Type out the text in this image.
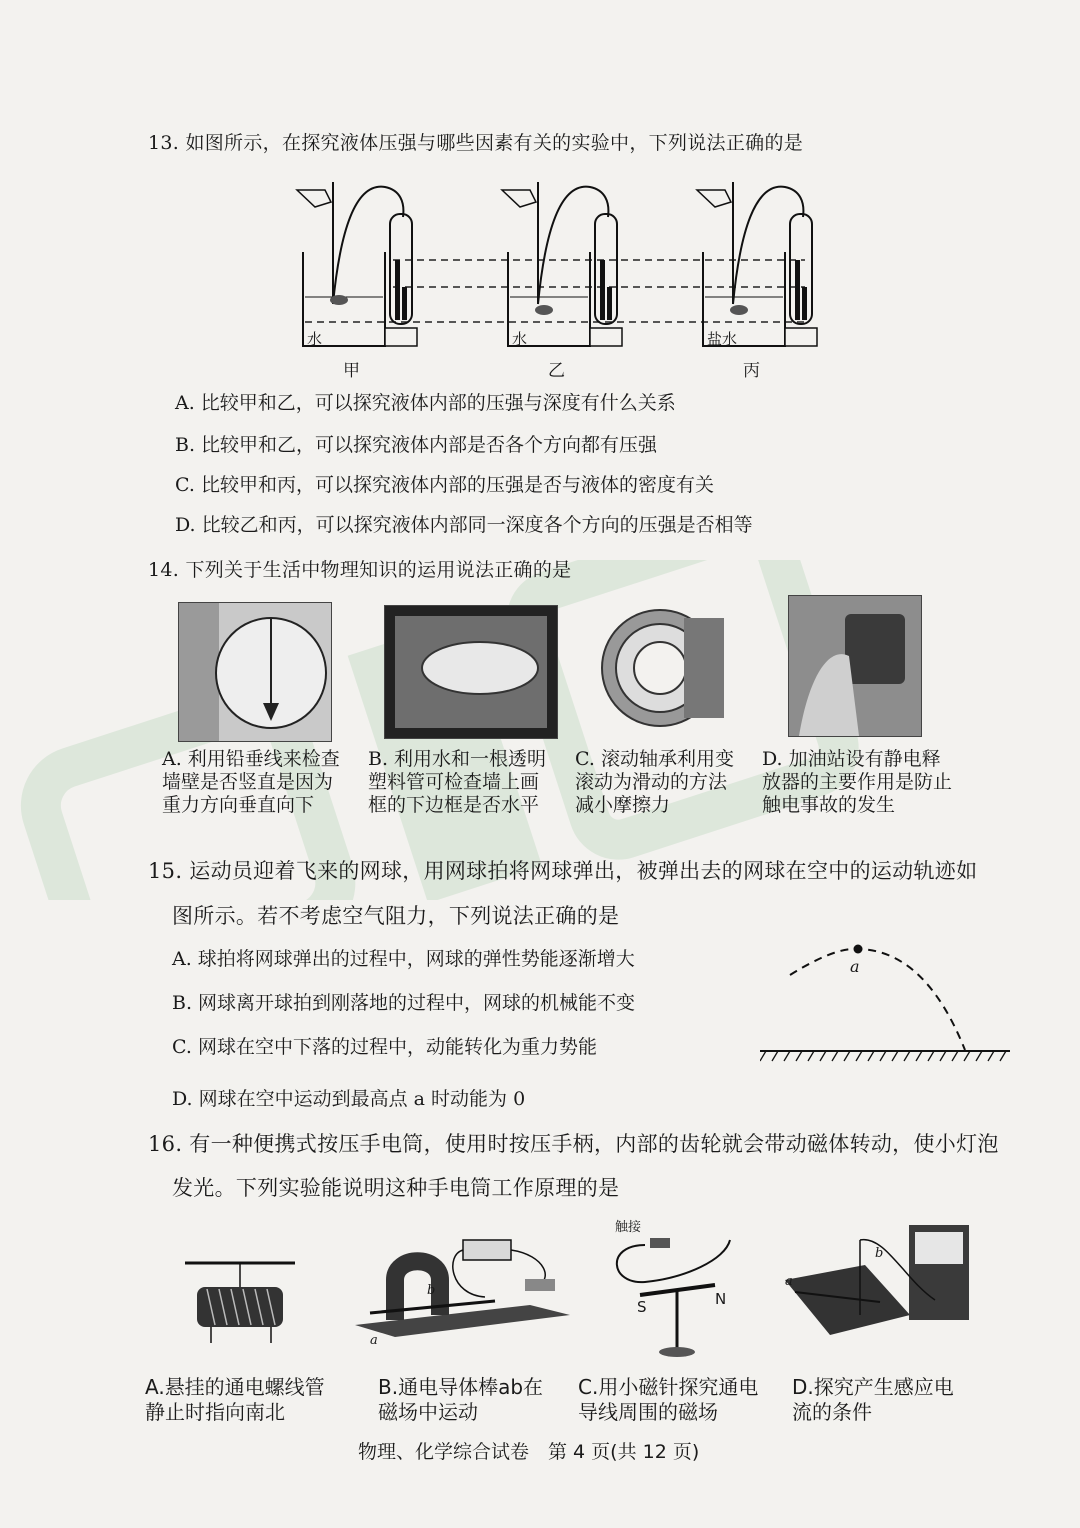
13. 如图所示，在探究液体压强与哪些因素有关的实验中，下列说法正确的是
水	水	盐水
甲	乙	丙
A. 比较甲和乙，可以探究液体内部的压强与深度有什么关系
B. 比较甲和乙，可以探究液体内部是否各个方向都有压强
C. 比较甲和丙，可以探究液体内部的压强是否与液体的密度有关
D. 比较乙和丙，可以探究液体内部同一深度各个方向的压强是否相等
14. 下列关于生活中物理知识的运用说法正确的是
A. 利用铅垂线来检查墙壁是否竖直是因为重力方向垂直向下
B. 利用水和一根透明塑料管可检查墙上画框的下边框是否水平
C. 滚动轴承利用变滚动为滑动的方法减小摩擦力
D. 加油站设有静电释放器的主要作用是防止触电事故的发生
15. 运动员迎着飞来的网球，用网球拍将网球弹出，被弹出去的网球在空中的运动轨迹如
图所示。若不考虑空气阻力，下列说法正确的是
A. 球拍将网球弹出的过程中，网球的弹性势能逐渐增大
B. 网球离开球拍到刚落地的过程中，网球的机械能不变
C. 网球在空中下落的过程中，动能转化为重力势能
D. 网球在空中运动到最高点 a 时动能为 0
a
16. 有一种便携式按压手电筒，使用时按压手柄，内部的齿轮就会带动磁体转动，使小灯泡
发光。下列实验能说明这种手电筒工作原理的是
a
b
触接
S	N
a
b
A.悬挂的通电螺线管静止时指向南北
B.通电导体棒ab在磁场中运动
C.用小磁针探究通电导线周围的磁场
D.探究产生感应电流的条件
物理、化学综合试卷　第 4 页(共 12 页)
